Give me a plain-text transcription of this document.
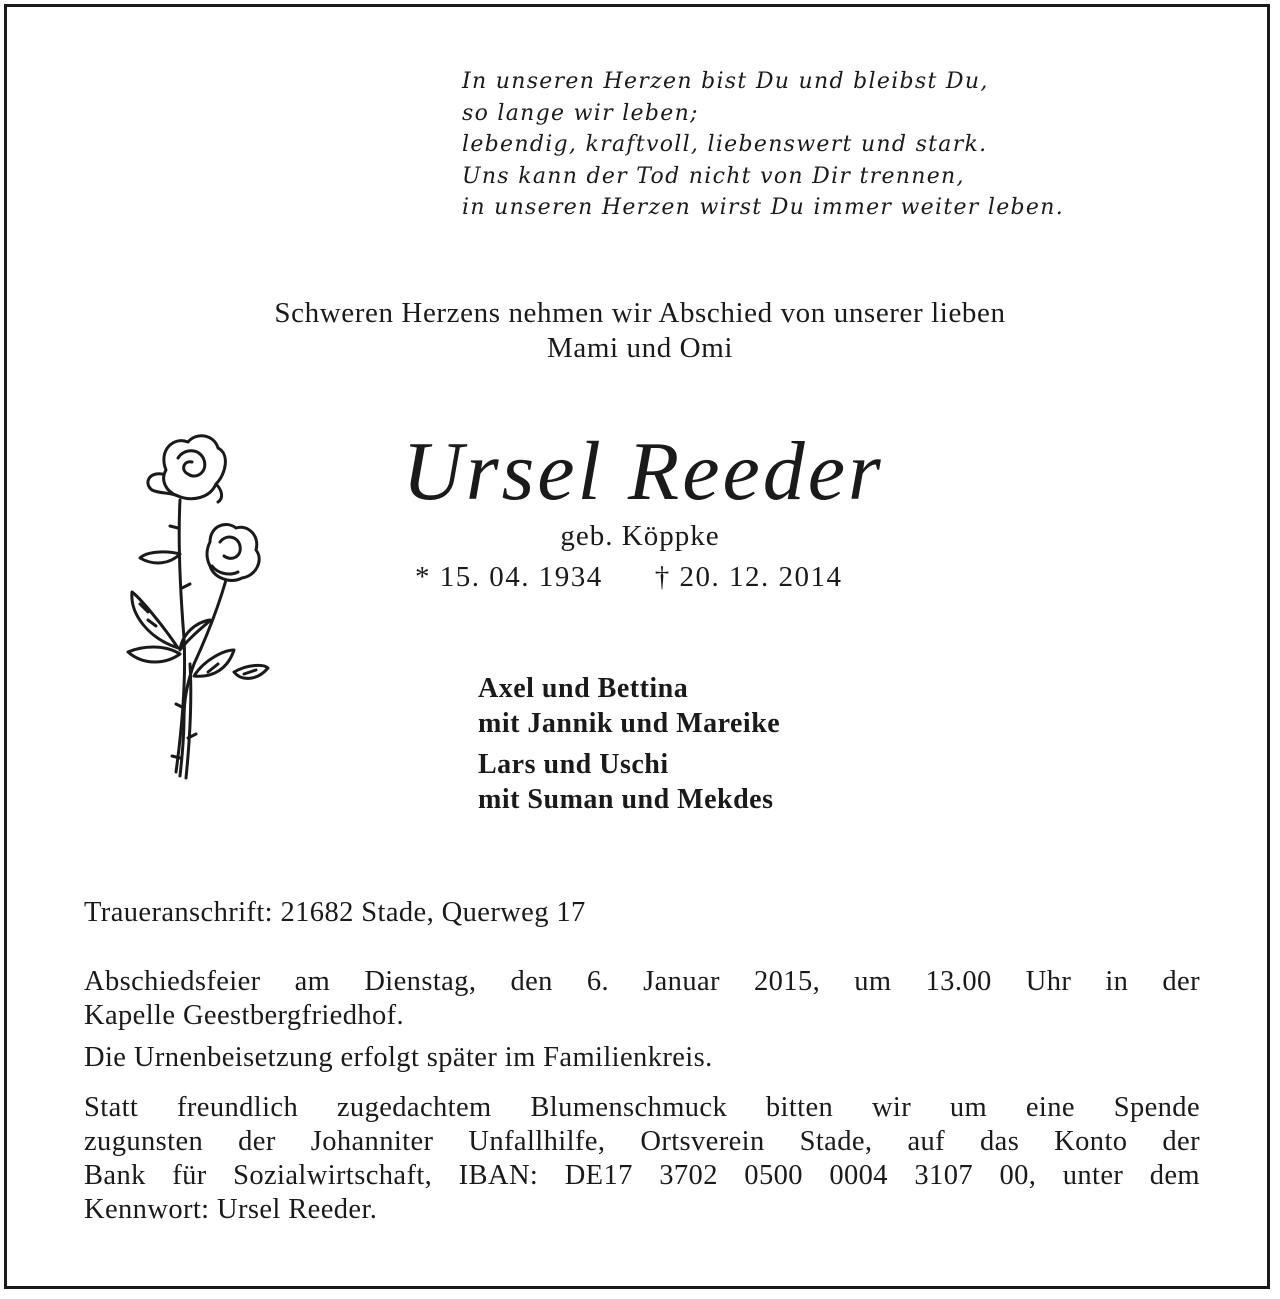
In unseren Herzen bist Du und bleibst Du,
so lange wir leben;
lebendig, kraftvoll, liebenswert und stark.
Uns kann der Tod nicht von Dir trennen,
in unseren Herzen wirst Du immer weiter leben.
Schweren Herzens nehmen wir Abschied von unserer lieben
Mami und Omi
Ursel Reeder
geb. Köppke
* 15. 04. 1934 † 20. 12. 2014
Axel und Bettina
mit Jannik und Mareike
Lars und Uschi
mit Suman und Mekdes
Traueranschrift: 21682 Stade, Querweg 17
Abschiedsfeier am Dienstag, den 6. Januar 2015, um 13.00 Uhr in der
Kapelle Geestbergfriedhof.
Die Urnenbeisetzung erfolgt später im Familienkreis.
Statt freundlich zugedachtem Blumenschmuck bitten wir um eine Spende
zugunsten der Johanniter Unfallhilfe, Ortsverein Stade, auf das Konto der
Bank für Sozialwirtschaft, IBAN: DE17 3702 0500 0004 3107 00, unter dem
Kennwort: Ursel Reeder.
